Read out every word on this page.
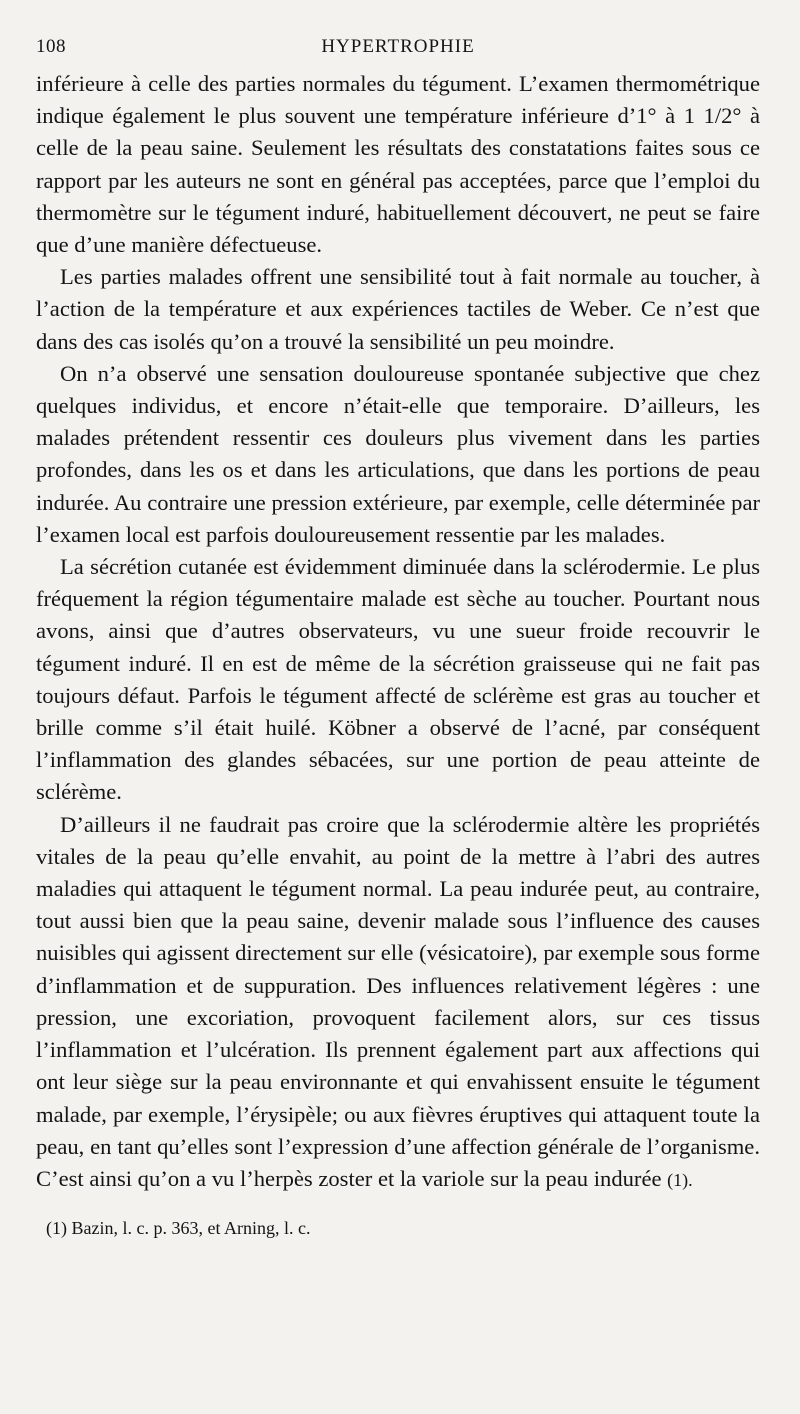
108	HYPERTROPHIE

inférieure à celle des parties normales du tégument. L’examen thermométrique indique également le plus souvent une température inférieure d’1° à 1 1/2° à celle de la peau saine. Seulement les résultats des constatations faites sous ce rapport par les auteurs ne sont en général pas acceptées, parce que l’emploi du thermomètre sur le tégument induré, habituellement découvert, ne peut se faire que d’une manière défectueuse.

Les parties malades offrent une sensibilité tout à fait normale au toucher, à l’action de la température et aux expériences tactiles de Weber. Ce n’est que dans des cas isolés qu’on a trouvé la sensibilité un peu moindre.

On n’a observé une sensation douloureuse spontanée subjective que chez quelques individus, et encore n’était-elle que temporaire. D’ailleurs, les malades prétendent ressentir ces douleurs plus vivement dans les parties profondes, dans les os et dans les articulations, que dans les portions de peau indurée. Au contraire une pression extérieure, par exemple, celle déterminée par l’examen local est parfois douloureusement ressentie par les malades.

La sécrétion cutanée est évidemment diminuée dans la sclérodermie. Le plus fréquement la région tégumentaire malade est sèche au toucher. Pourtant nous avons, ainsi que d’autres observateurs, vu une sueur froide recouvrir le tégument induré. Il en est de même de la sécrétion graisseuse qui ne fait pas toujours défaut. Parfois le tégument affecté de sclérème est gras au toucher et brille comme s’il était huilé. Köbner a observé de l’acné, par conséquent l’inflammation des glandes sébacées, sur une portion de peau atteinte de sclérème.

D’ailleurs il ne faudrait pas croire que la sclérodermie altère les propriétés vitales de la peau qu’elle envahit, au point de la mettre à l’abri des autres maladies qui attaquent le tégument normal. La peau indurée peut, au contraire, tout aussi bien que la peau saine, devenir malade sous l’influence des causes nuisibles qui agissent directement sur elle (vésicatoire), par exemple sous forme d’inflammation et de suppuration. Des influences relativement légères : une pression, une excoriation, provoquent facilement alors, sur ces tissus l’inflammation et l’ulcération. Ils prennent également part aux affections qui ont leur siège sur la peau environnante et qui envahissent ensuite le tégument malade, par exemple, l’érysipèle; ou aux fièvres éruptives qui attaquent toute la peau, en tant qu’elles sont l’expression d’une affection générale de l’organisme. C’est ainsi qu’on a vu l’herpès zoster et la variole sur la peau indurée (1).

(1) Bazin, l. c. p. 363, et Arning, l. c.
